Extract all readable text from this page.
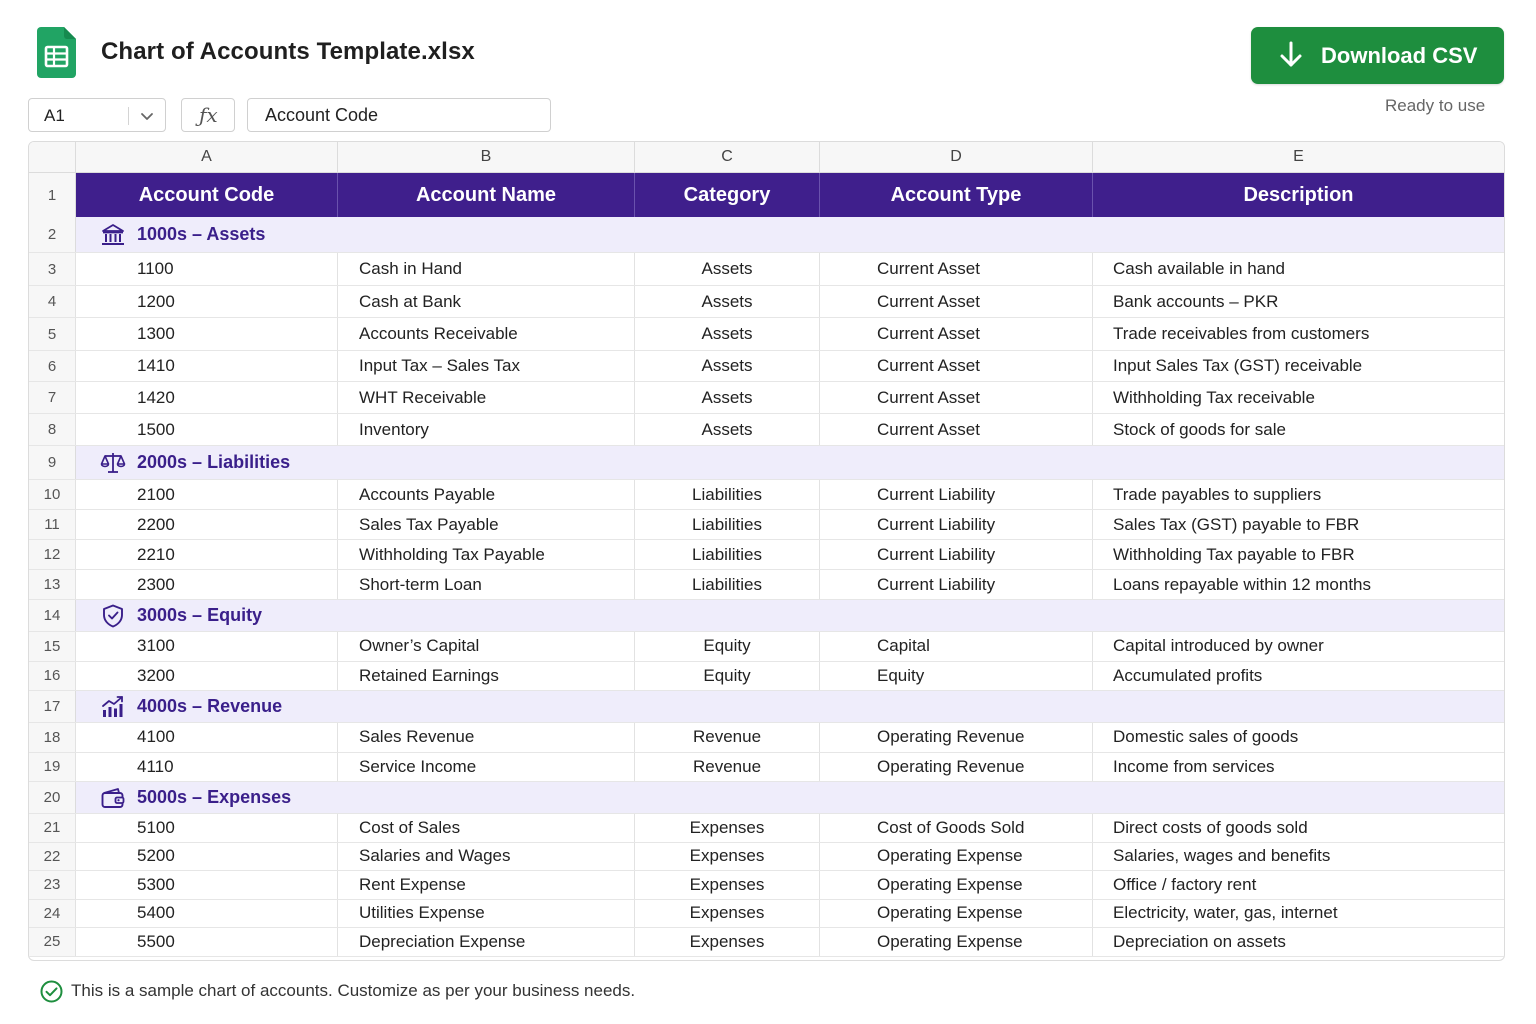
Chart of Accounts Template.xlsx	Download CSV
Ready to use
A1	ƒx
Account Code
A	B	C	D	E
1	Account Code	Account Name	Category	Account Type	Description
2	1000s – Assets
3	1100	Cash in Hand	Assets	Current Asset	Cash available in hand
4	1200	Cash at Bank	Assets	Current Asset	Bank accounts – PKR
5	1300	Accounts Receivable	Assets	Current Asset	Trade receivables from customers
6	1410	Input Tax – Sales Tax	Assets	Current Asset	Input Sales Tax (GST) receivable
7	1420	WHT Receivable	Assets	Current Asset	Withholding Tax receivable
8	1500	Inventory	Assets	Current Asset	Stock of goods for sale
9	2000s – Liabilities
10	2100	Accounts Payable	Liabilities	Current Liability	Trade payables to suppliers
11	2200	Sales Tax Payable	Liabilities	Current Liability	Sales Tax (GST) payable to FBR
12	2210	Withholding Tax Payable	Liabilities	Current Liability	Withholding Tax payable to FBR
13	2300	Short-term Loan	Liabilities	Current Liability	Loans repayable within 12 months
14	3000s – Equity
15	3100	Owner’s Capital	Equity	Capital	Capital introduced by owner
16	3200	Retained Earnings	Equity	Equity	Accumulated profits
17	4000s – Revenue
18	4100	Sales Revenue	Revenue	Operating Revenue	Domestic sales of goods
19	4110	Service Income	Revenue	Operating Revenue	Income from services
20	5000s – Expenses
21	5100	Cost of Sales	Expenses	Cost of Goods Sold	Direct costs of goods sold
22	5200	Salaries and Wages	Expenses	Operating Expense	Salaries, wages and benefits
23	5300	Rent Expense	Expenses	Operating Expense	Office / factory rent
24	5400	Utilities Expense	Expenses	Operating Expense	Electricity, water, gas, internet
25	5500	Depreciation Expense	Expenses	Operating Expense	Depreciation on assets
This is a sample chart of accounts. Customize as per your business needs.
